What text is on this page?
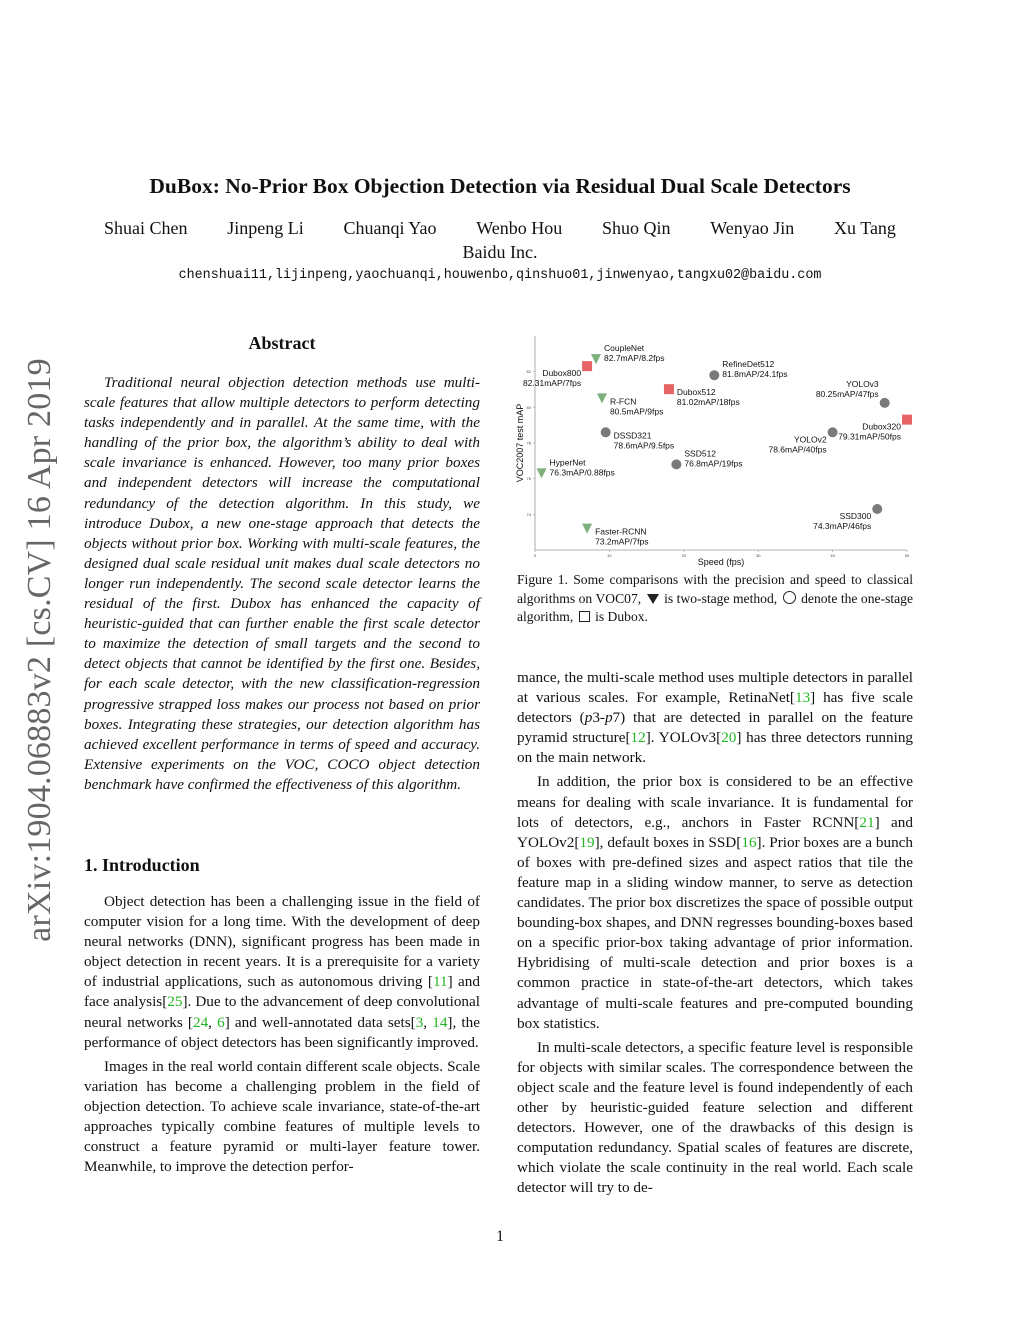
arXiv:1904.06883v2 [cs.CV] 16 Apr 2019
DuBox: No-Prior Box Objection Detection via Residual Dual Scale Detectors
Shuai Chen Jinpeng Li Chuanqi Yao Wenbo Hou Shuo Qin Wenyao Jin Xu Tang
Baidu Inc.
chenshuai11,lijinpeng,yaochuanqi,houwenbo,qinshuo01,jinwenyao,tangxu02@baidu.com
Abstract

Traditional neural objection detection methods use multi-scale features that allow multiple detectors to perform detecting tasks independently and in parallel. At the same time, with the handling of the prior box, the algorithm’s ability to deal with scale invariance is enhanced. However, too many prior boxes and independent detectors will increase the computational redundancy of the detection algorithm. In this study, we introduce Dubox, a new one-stage approach that detects the objects without prior box. Working with multi-scale features, the designed dual scale residual unit makes dual scale detectors no longer run independently. The second scale detector learns the residual of the first. Dubox has enhanced the capacity of heuristic-guided that can further enable the first scale detector to maximize the detection of small targets and the second to detect objects that cannot be identified by the first one. Besides, for each scale detector, with the new classification-regression progressive strapped loss makes our process not based on prior boxes. Integrating these strategies, our detection algorithm has achieved excellent performance in terms of speed and accuracy. Extensive experiments on the VOC, COCO object detection benchmark have confirmed the effectiveness of this algorithm.

1. Introduction

Object detection has been a challenging issue in the field of computer vision for a long time. With the development of deep neural networks (DNN), significant progress has been made in object detection in recent years. It is a prerequisite for a variety of industrial applications, such as autonomous driving [11] and face analysis[25]. Due to the advancement of deep convolutional neural networks [24, 6] and well-annotated data sets[3, 14], the performance of object detectors has been significantly improved.

Images in the real world contain different scale objects. Scale variation has become a challenging problem in the field of objection detection. To achieve scale invariance, state-of-the-art approaches typically combine features of multiple levels to construct a feature pyramid or multi-layer feature tower. Meanwhile, to improve the detection perfor-

0	10	20	30	40	50
74
76
78
80
82
Speed (fps)
VOC2007 test mAP
Faster-RCNN
73.2mAP/7fps
HyperNet
76.3mAP/0.88fps
R-FCN
80.5mAP/9fps
CoupleNet
82.7mAP/8.2fps
SSD300
74.3mAP/46fps
SSD512
76.8mAP/19fps
DSSD321
78.6mAP/9.5fps
YOLOv2
78.6mAP/40fps
RefineDet512
81.8mAP/24.1fps
YOLOv3
80.25mAP/47fps
Dubox800
82.31mAP/7fps
Dubox512
81.02mAP/18fps
Dubox320
79.31mAP/50fps
Figure 1. Some comparisons with the precision and speed to classical algorithms on VOC07, is two-stage method, denote the one-stage algorithm, is Dubox.

mance, the multi-scale method uses multiple detectors in parallel at various scales. For example, RetinaNet[13] has five scale detectors (p3-p7) that are detected in parallel on the feature pyramid structure[12]. YOLOv3[20] has three detectors running on the main network.

In addition, the prior box is considered to be an effective means for dealing with scale invariance. It is fundamental for lots of detectors, e.g., anchors in Faster RCNN[21] and YOLOv2[19], default boxes in SSD[16]. Prior boxes are a bunch of boxes with pre-defined sizes and aspect ratios that tile the feature map in a sliding window manner, to serve as detection candidates. The prior box discretizes the space of possible output bounding-box shapes, and DNN regresses bounding-boxes based on a specific prior-box taking advantage of prior information. Hybridising of multi-scale detection and prior boxes is a common practice in state-of-the-art detectors, which takes advantage of multi-scale features and pre-computed bounding box statistics.

In multi-scale detectors, a specific feature level is responsible for objects with similar scales. The correspondence between the object scale and the feature level is found independently of each other by heuristic-guided feature selection and different detectors. However, one of the drawbacks of this design is computation redundancy. Spatial scales of features are discrete, which violate the scale continuity in the real world. Each scale detector will try to de-

1
